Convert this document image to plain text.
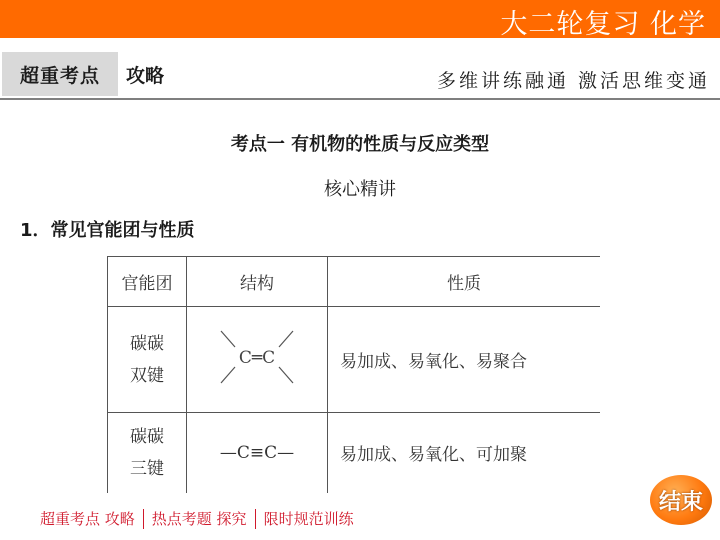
大二轮复习 化学
超重考点	攻略	多维讲练融通 激活思维变通
考点一 有机物的性质与反应类型
核心精讲
1．常见官能团与性质
官能团	结构	性质

碳碳
双键	C═C	易加成、易氧化、易聚合

碳碳
三键	—C≡C—	易加成、易氧化、可加聚
超重考点 攻略 热点考题 探究 限时规范训练
结束
